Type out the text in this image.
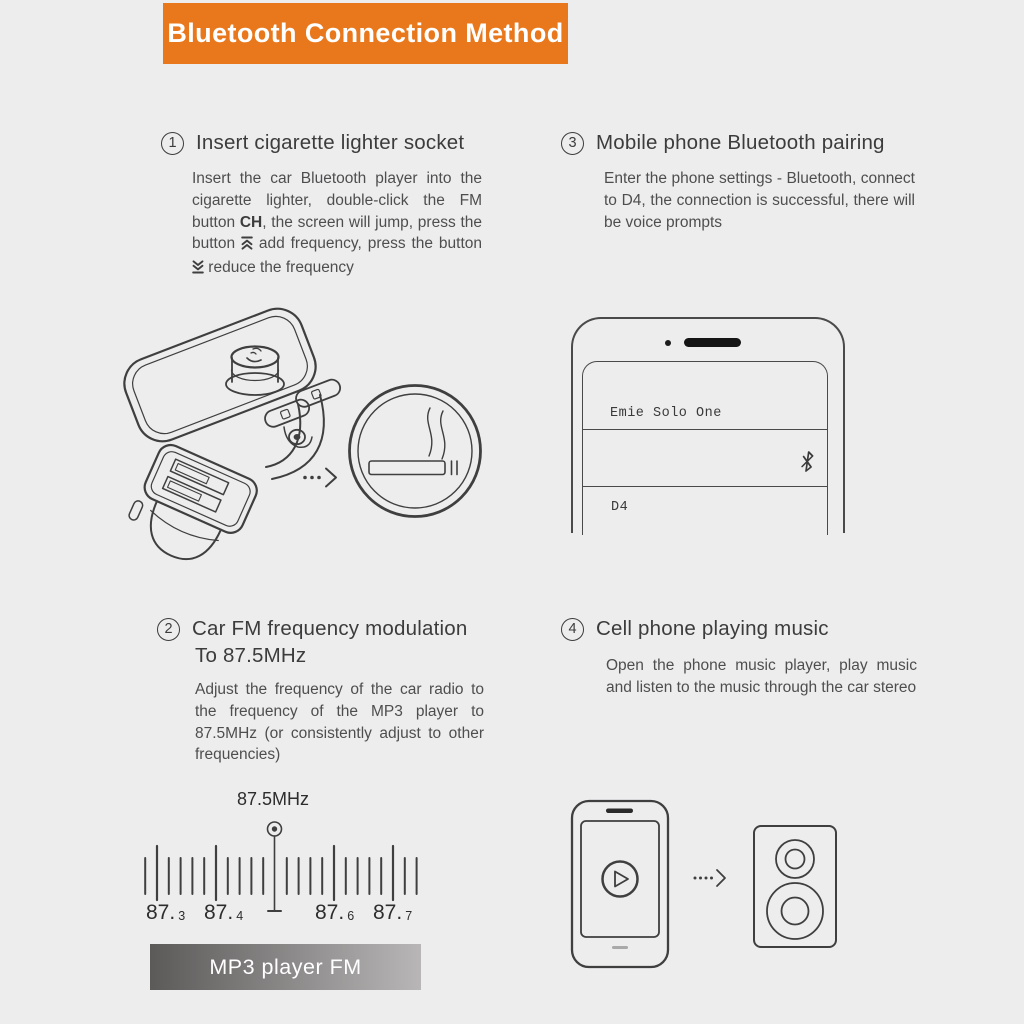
Bluetooth Connection Method
1 Insert cigarette lighter socket

Insert the car Bluetooth player into the cigarette lighter, double-click the FM button CH, the screen will jump, press the button  add frequency, press the button  reduce the frequency

3 Mobile phone Bluetooth pairing

Enter the phone settings - Bluetooth, connect to D4, the connection is successful, there will be voice prompts

Emie Solo One
D4
2 Car FM frequency modulation
To 87.5MHz

Adjust the frequency of the car radio to the frequency of the MP3 player to 87.5MHz (or consistently adjust to other frequencies)

4 Cell phone playing music

Open the phone music player, play music and listen to the music through the car stereo

87.5MHz
87. 3 87. 4	87. 6 87. 7
MP3 player FM
